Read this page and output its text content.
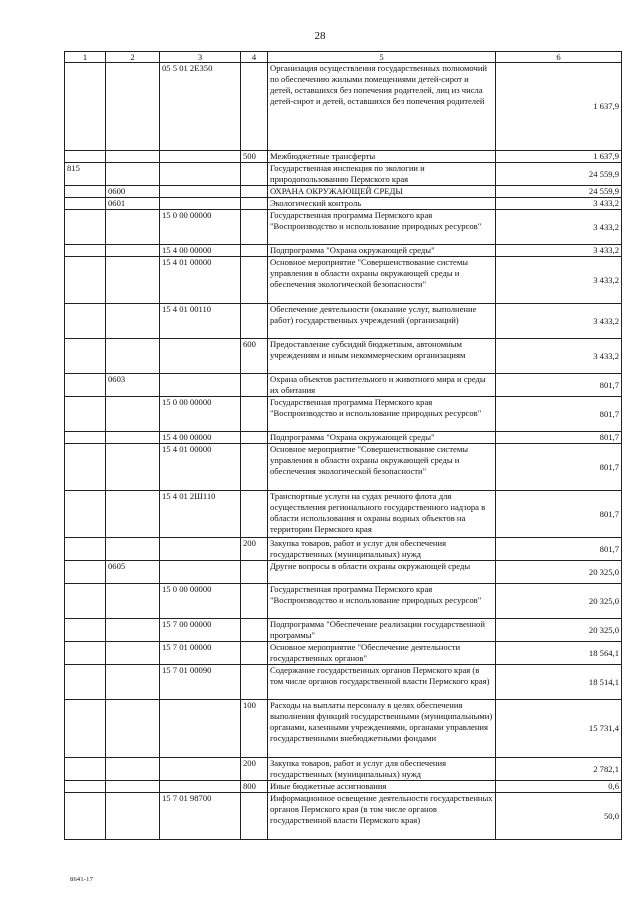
28
1	2	3	4	5	6
		05 5 01 2Е350		Организация осуществления государственных полномочий по обеспечению жилыми помещениями детей-сирот и детей, оставшихся без попечения родителей, лиц из числа детей-сирот и детей, оставшихся без попечения родителей	1 637,9
			500	Межбюджетные трансферты	1 637,9
815				Государственная инспекция по экологии и природопользованию Пермского края	24 559,9
	0600			ОХРАНА ОКРУЖАЮЩЕЙ СРЕДЫ	24 559,9
	0601			Экологический контроль	3 433,2
		15 0 00 00000		Государственная программа Пермского края "Воспроизводство и использование природных ресурсов"	3 433,2
		15 4 00 00000		Подпрограмма "Охрана окружающей среды"	3 433,2
		15 4 01 00000		Основное мероприятие "Совершенствование системы управления в области охраны окружающей среды и обеспечения экологической безопасности"	3 433,2
		15 4 01 00110		Обеспечение деятельности (оказание услуг, выполнение работ) государственных учреждений (организаций)	3 433,2
			600	Предоставление субсидий бюджетным, автономным учреждениям и иным некоммерческим организациям	3 433,2
	0603			Охрана объектов растительного и животного мира и среды их обитания	801,7
		15 0 00 00000		Государственная программа Пермского края "Воспроизводство и использование природных ресурсов"	801,7
		15 4 00 00000		Подпрограмма "Охрана окружающей среды"	801,7
		15 4 01 00000		Основное мероприятие "Совершенствование системы управления в области охраны окружающей среды и обеспечения экологической безопасности"	801,7
		15 4 01 2Ш110		Транспортные услуги на судах речного флота для осуществления регионального государственного надзора в области использования и охраны водных объектов на территории Пермского края	801,7
			200	Закупка товаров, работ и услуг для обеспечения государственных (муниципальных) нужд	801,7
	0605			Другие вопросы в области охраны окружающей среды	20 325,0
		15 0 00 00000		Государственная программа Пермского края "Воспроизводство и использование природных ресурсов"	20 325,0
		15 7 00 00000		Подпрограмма "Обеспечение реализации государственной программы"	20 325,0
		15 7 01 00000		Основное мероприятие "Обеспечение деятельности государственных органов"	18 564,1
		15 7 01 00090		Содержание государственных органов Пермского края (в том числе органов государственной власти Пермского края)	18 514,1
			100	Расходы на выплаты персоналу в целях обеспечения выполнения функций государственными (муниципальными) органами, казенными учреждениями, органами управления государственными внебюджетными фондами	15 731,4
			200	Закупка товаров, работ и услуг для обеспечения государственных (муниципальных) нужд	2 782,1
			800	Иные бюджетные ассигнования	0,6
		15 7 01 98700		Информационное освещение деятельности государственных органов Пермского края (в том числе органов государственной власти Пермского края)	50,0
8641-17
